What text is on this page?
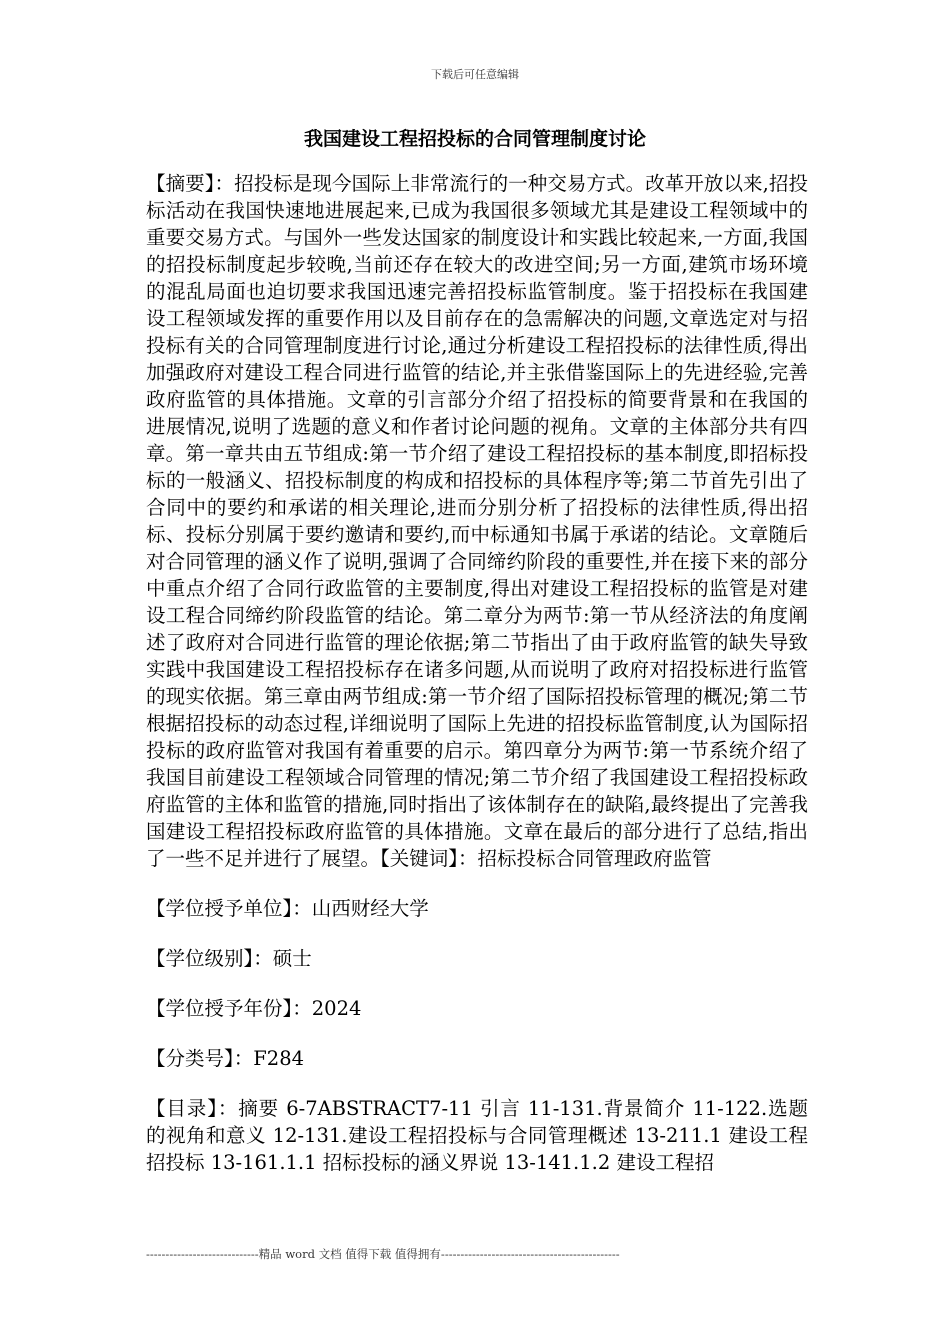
下载后可任意编辑
我国建设工程招投标的合同管理制度讨论

【摘要】：招投标是现今国际上非常流行的一种交易方式。改革开放以来,招投标活动在我国快速地进展起来,已成为我国很多领域尤其是建设工程领域中的重要交易方式。与国外一些发达国家的制度设计和实践比较起来,一方面,我国的招投标制度起步较晚,当前还存在较大的改进空间;另一方面,建筑市场环境的混乱局面也迫切要求我国迅速完善招投标监管制度。鉴于招投标在我国建设工程领域发挥的重要作用以及目前存在的急需解决的问题,文章选定对与招投标有关的合同管理制度进行讨论,通过分析建设工程招投标的法律性质,得出加强政府对建设工程合同进行监管的结论,并主张借鉴国际上的先进经验,完善政府监管的具体措施。文章的引言部分介绍了招投标的简要背景和在我国的进展情况,说明了选题的意义和作者讨论问题的视角。文章的主体部分共有四章。第一章共由五节组成:第一节介绍了建设工程招投标的基本制度,即招标投标的一般涵义、招投标制度的构成和招投标的具体程序等;第二节首先引出了合同中的要约和承诺的相关理论,进而分别分析了招投标的法律性质,得出招标、投标分别属于要约邀请和要约,而中标通知书属于承诺的结论。文章随后对合同管理的涵义作了说明,强调了合同缔约阶段的重要性,并在接下来的部分中重点介绍了合同行政监管的主要制度,得出对建设工程招投标的监管是对建设工程合同缔约阶段监管的结论。第二章分为两节:第一节从经济法的角度阐述了政府对合同进行监管的理论依据;第二节指出了由于政府监管的缺失导致实践中我国建设工程招投标存在诸多问题,从而说明了政府对招投标进行监管的现实依据。第三章由两节组成:第一节介绍了国际招投标管理的概况;第二节根据招投标的动态过程,详细说明了国际上先进的招投标监管制度,认为国际招投标的政府监管对我国有着重要的启示。第四章分为两节:第一节系统介绍了我国目前建设工程领域合同管理的情况;第二节介绍了我国建设工程招投标政府监管的主体和监管的措施,同时指出了该体制存在的缺陷,最终提出了完善我国建设工程招投标政府监管的具体措施。文章在最后的部分进行了总结,指出了一些不足并进行了展望。【关键词】：招标投标合同管理政府监管

【学位授予单位】：山西财经大学

【学位级别】：硕士

【学位授予年份】：2024

【分类号】：F284

【目录】：摘要 6-7ABSTRACT7-11 引言 11-131.背景简介 11-122.选题的视角和意义 12-131.建设工程招投标与合同管理概述 13-211.1 建设工程招投标 13-161.1.1 招标投标的涵义界说 13-141.1.2 建设工程招

-----------------------------精品 word 文档 值得下载 值得拥有----------------------------------------------
